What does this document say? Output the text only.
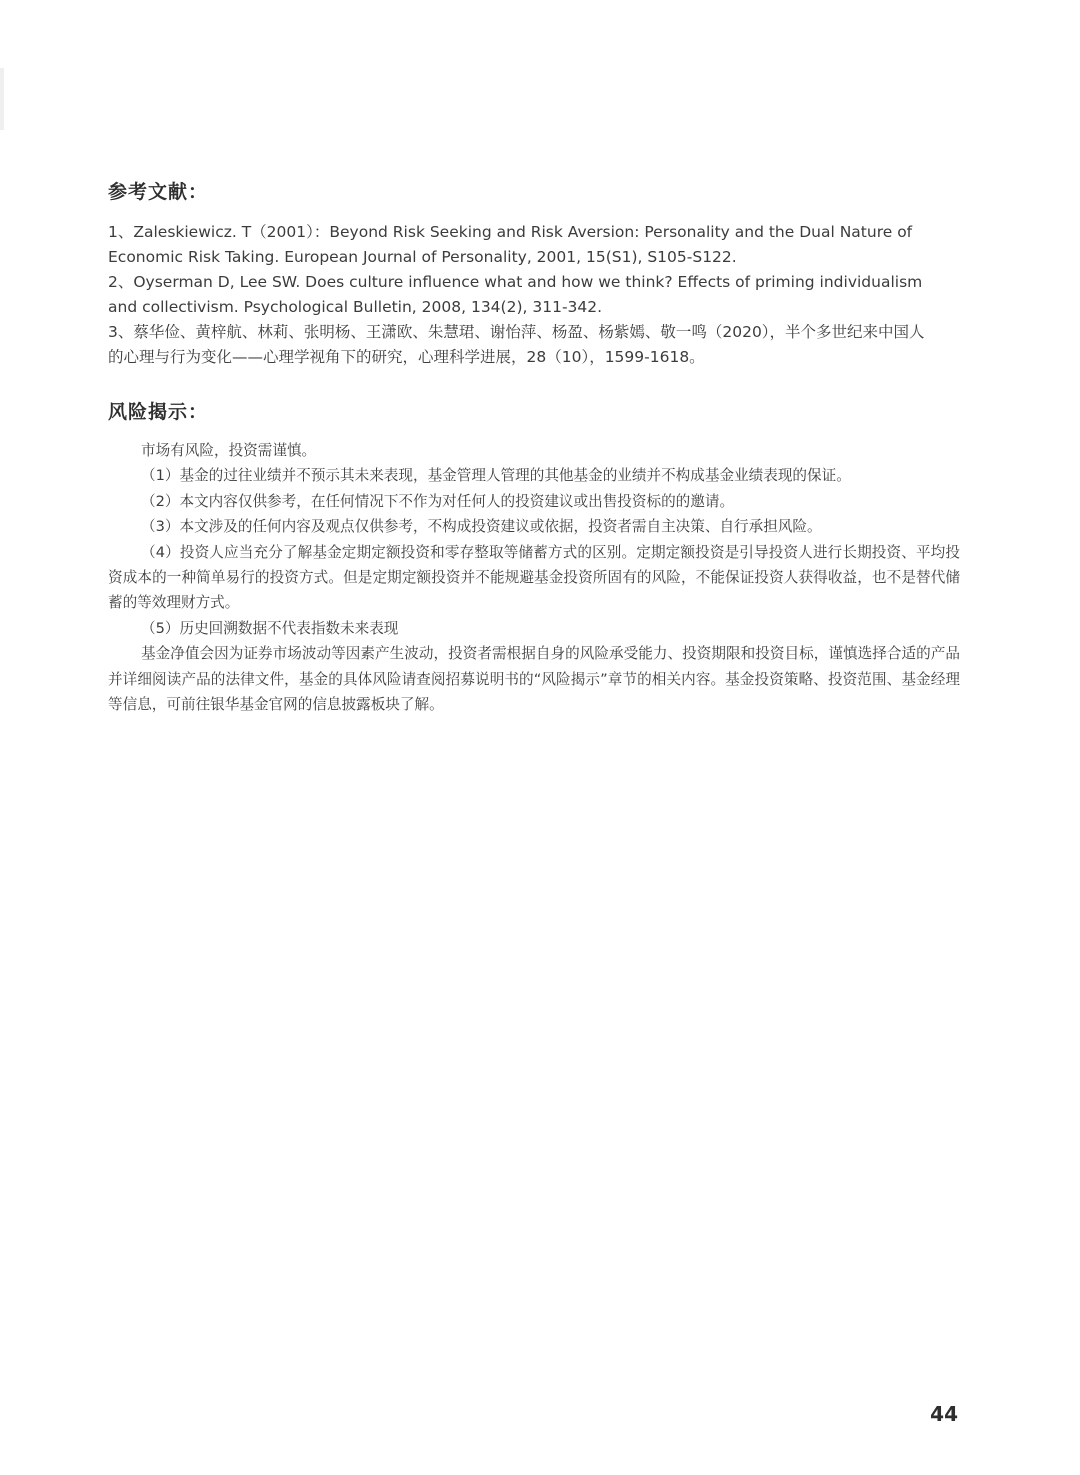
参考文献：

1、Zaleskiewicz. T（2001）：Beyond Risk Seeking and Risk Aversion: Personality and the Dual Nature of Economic Risk Taking. European Journal of Personality, 2001, 15(S1), S105-S122.

2、Oyserman D, Lee SW. Does culture influence what and how we think? Effects of priming individualism and collectivism. Psychological Bulletin, 2008, 134(2), 311-342.

3、蔡华俭、黄梓航、林莉、张明杨、王潇欧、朱慧珺、谢怡萍、杨盈、杨紫嫣、敬一鸣（2020），半个多世纪来中国人的心理与行为变化——心理学视角下的研究，心理科学进展，28（10），1599-1618。

风险揭示：

市场有风险，投资需谨慎。

（1）基金的过往业绩并不预示其未来表现，基金管理人管理的其他基金的业绩并不构成基金业绩表现的保证。

（2）本文内容仅供参考，在任何情况下不作为对任何人的投资建议或出售投资标的的邀请。

（3）本文涉及的任何内容及观点仅供参考，不构成投资建议或依据，投资者需自主决策、自行承担风险。

（4）投资人应当充分了解基金定期定额投资和零存整取等储蓄方式的区别。定期定额投资是引导投资人进行长期投资、平均投资成本的一种简单易行的投资方式。但是定期定额投资并不能规避基金投资所固有的风险，不能保证投资人获得收益，也不是替代储蓄的等效理财方式。

（5）历史回溯数据不代表指数未来表现

基金净值会因为证券市场波动等因素产生波动，投资者需根据自身的风险承受能力、投资期限和投资目标，谨慎选择合适的产品并详细阅读产品的法律文件，基金的具体风险请查阅招募说明书的“风险揭示”章节的相关内容。基金投资策略、投资范围、基金经理等信息，可前往银华基金官网的信息披露板块了解。

44
